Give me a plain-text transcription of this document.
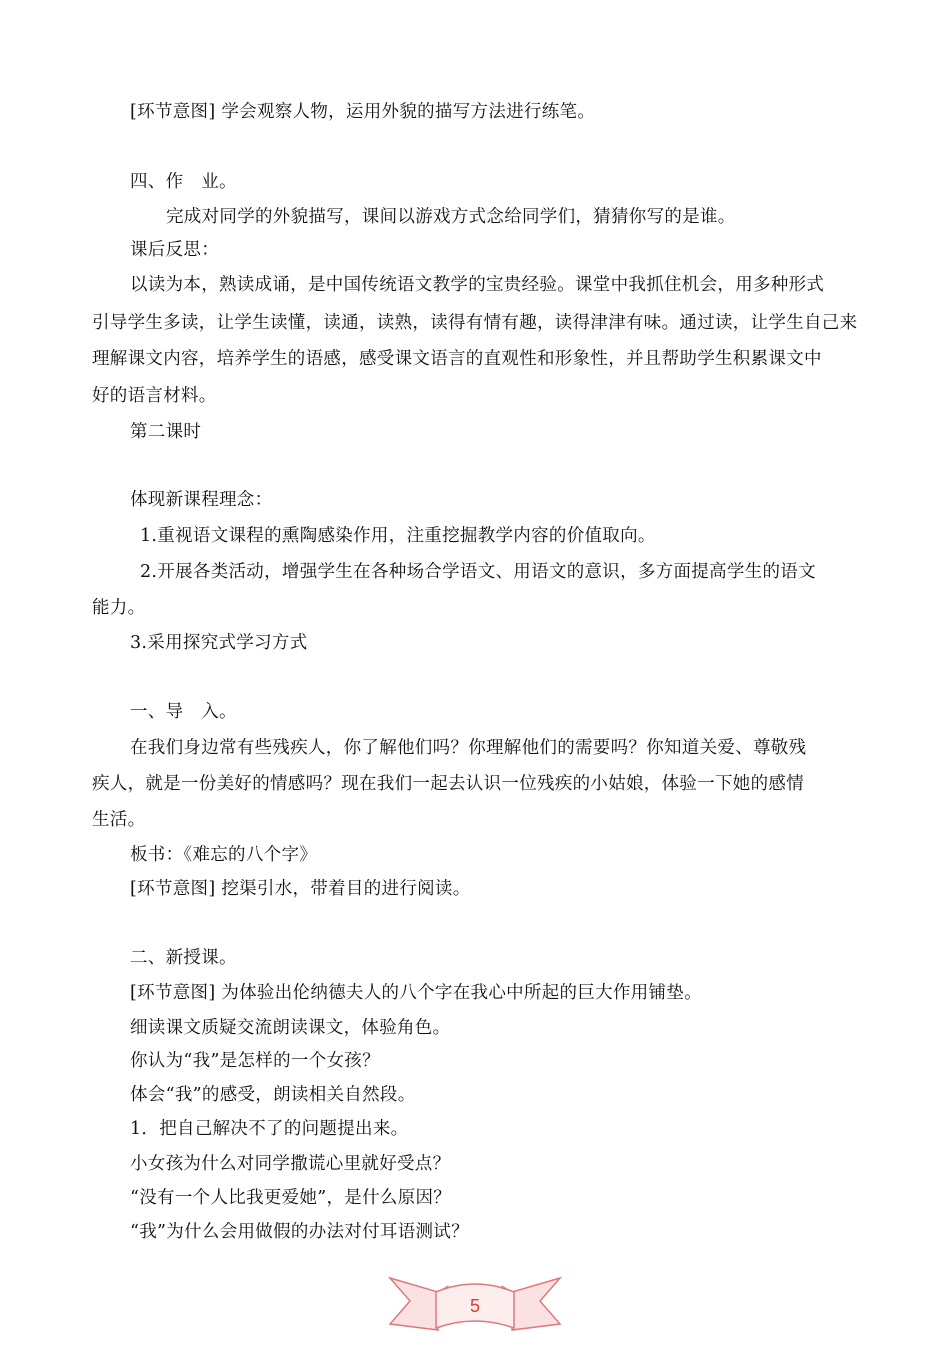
[环节意图] 学会观察人物，运用外貌的描写方法进行练笔。
四、作　业。
完成对同学的外貌描写，课间以游戏方式念给同学们，猜猜你写的是谁。
课后反思：
以读为本，熟读成诵，是中国传统语文教学的宝贵经验。课堂中我抓住机会，用多种形式
引导学生多读，让学生读懂，读通，读熟，读得有情有趣，读得津津有味。通过读，让学生自己来
理解课文内容，培养学生的语感，感受课文语言的直观性和形象性，并且帮助学生积累课文中
好的语言材料。
第二课时
体现新课程理念：
1.重视语文课程的熏陶感染作用，注重挖掘教学内容的价值取向。
2.开展各类活动，增强学生在各种场合学语文、用语文的意识，多方面提高学生的语文
能力。
3.采用探究式学习方式
一、导　入。
在我们身边常有些残疾人，你了解他们吗？你理解他们的需要吗？你知道关爱、尊敬残
疾人，就是一份美好的情感吗？现在我们一起去认识一位残疾的小姑娘，体验一下她的感情
生活。
板书：《难忘的八个字》
[环节意图] 挖渠引水，带着目的进行阅读。
二、新授课。
[环节意图] 为体验出伦纳德夫人的八个字在我心中所起的巨大作用铺垫。
细读课文质疑交流朗读课文，体验角色。
你认为“我”是怎样的一个女孩？
体会“我”的感受，朗读相关自然段。
1．把自己解决不了的问题提出来。
小女孩为什么对同学撒谎心里就好受点？
“没有一个人比我更爱她”，是什么原因？
“我”为什么会用做假的办法对付耳语测试？
5
